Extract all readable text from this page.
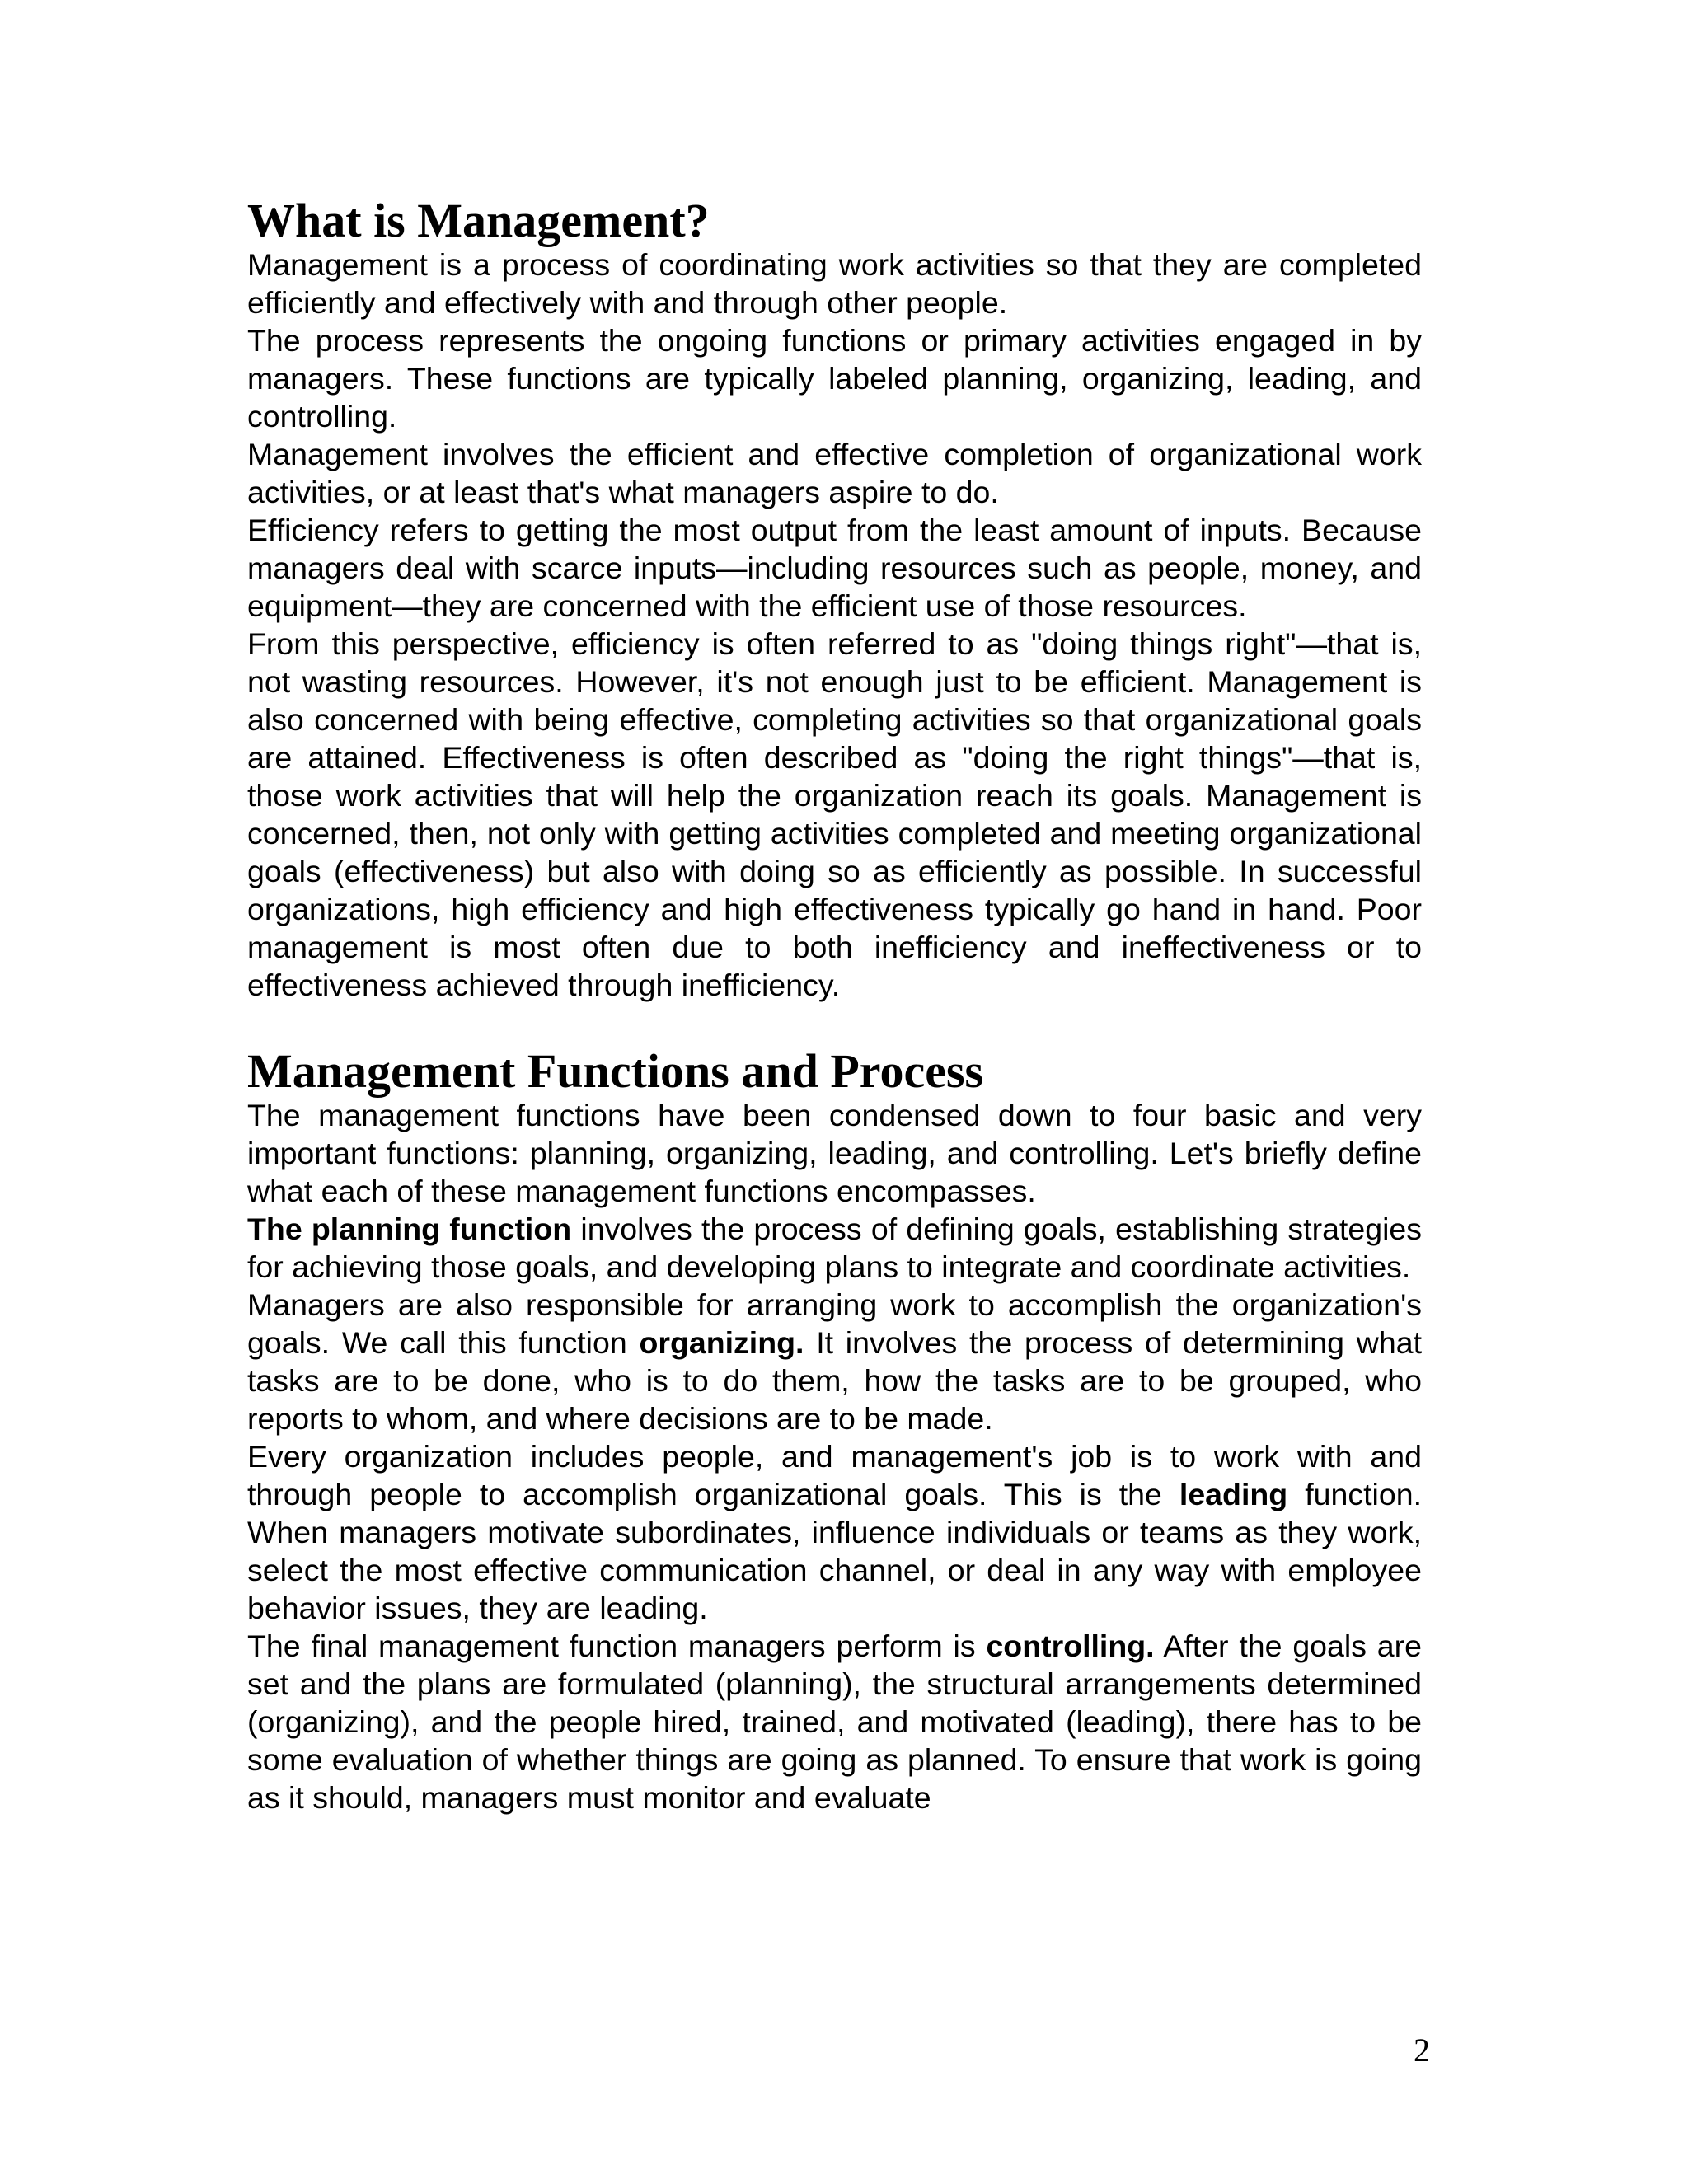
What is Management?

Management is a process of coordinating work activities so that they are completed efficiently and effectively with and through other people.

The process represents the ongoing functions or primary activities engaged in by managers. These functions are typically labeled planning, organizing, leading, and controlling.

Management involves the efficient and effective completion of organizational work activities, or at least that's what managers aspire to do.

Efficiency refers to getting the most output from the least amount of inputs. Because managers deal with scarce inputs—including resources such as people, money, and equipment—they are concerned with the efficient use of those resources.

From this perspective, efficiency is often referred to as "doing things right"—that is, not wasting resources. However, it's not enough just to be efficient. Management is also concerned with being effective, completing activities so that organizational goals are attained. Effectiveness is often described as "doing the right things"—that is, those work activities that will help the organization reach its goals. Management is concerned, then, not only with getting activities completed and meeting organizational goals (effectiveness) but also with doing so as efficiently as possible. In successful organizations, high efficiency and high effectiveness typically go hand in hand. Poor management is most often due to both inefficiency and ineffectiveness or to effectiveness achieved through inefficiency.

Management Functions and Process

The management functions have been condensed down to four basic and very important functions: planning, organizing, leading, and controlling. Let's briefly define what each of these management functions encompasses.

The planning function involves the process of defining goals, establishing strategies for achieving those goals, and developing plans to integrate and coordinate activities.

Managers are also responsible for arranging work to accomplish the organization's goals. We call this function organizing. It involves the process of determining what tasks are to be done, who is to do them, how the tasks are to be grouped, who reports to whom, and where decisions are to be made.

Every organization includes people, and management's job is to work with and through people to accomplish organizational goals. This is the leading function. When managers motivate subordinates, influence individuals or teams as they work, select the most effective communication channel, or deal in any way with employee behavior issues, they are leading.

The final management function managers perform is controlling. After the goals are set and the plans are formulated (planning), the structural arrangements determined (organizing), and the people hired, trained, and motivated (leading), there has to be some evaluation of whether things are going as planned. To ensure that work is going as it should, managers must monitor and evaluate

2
